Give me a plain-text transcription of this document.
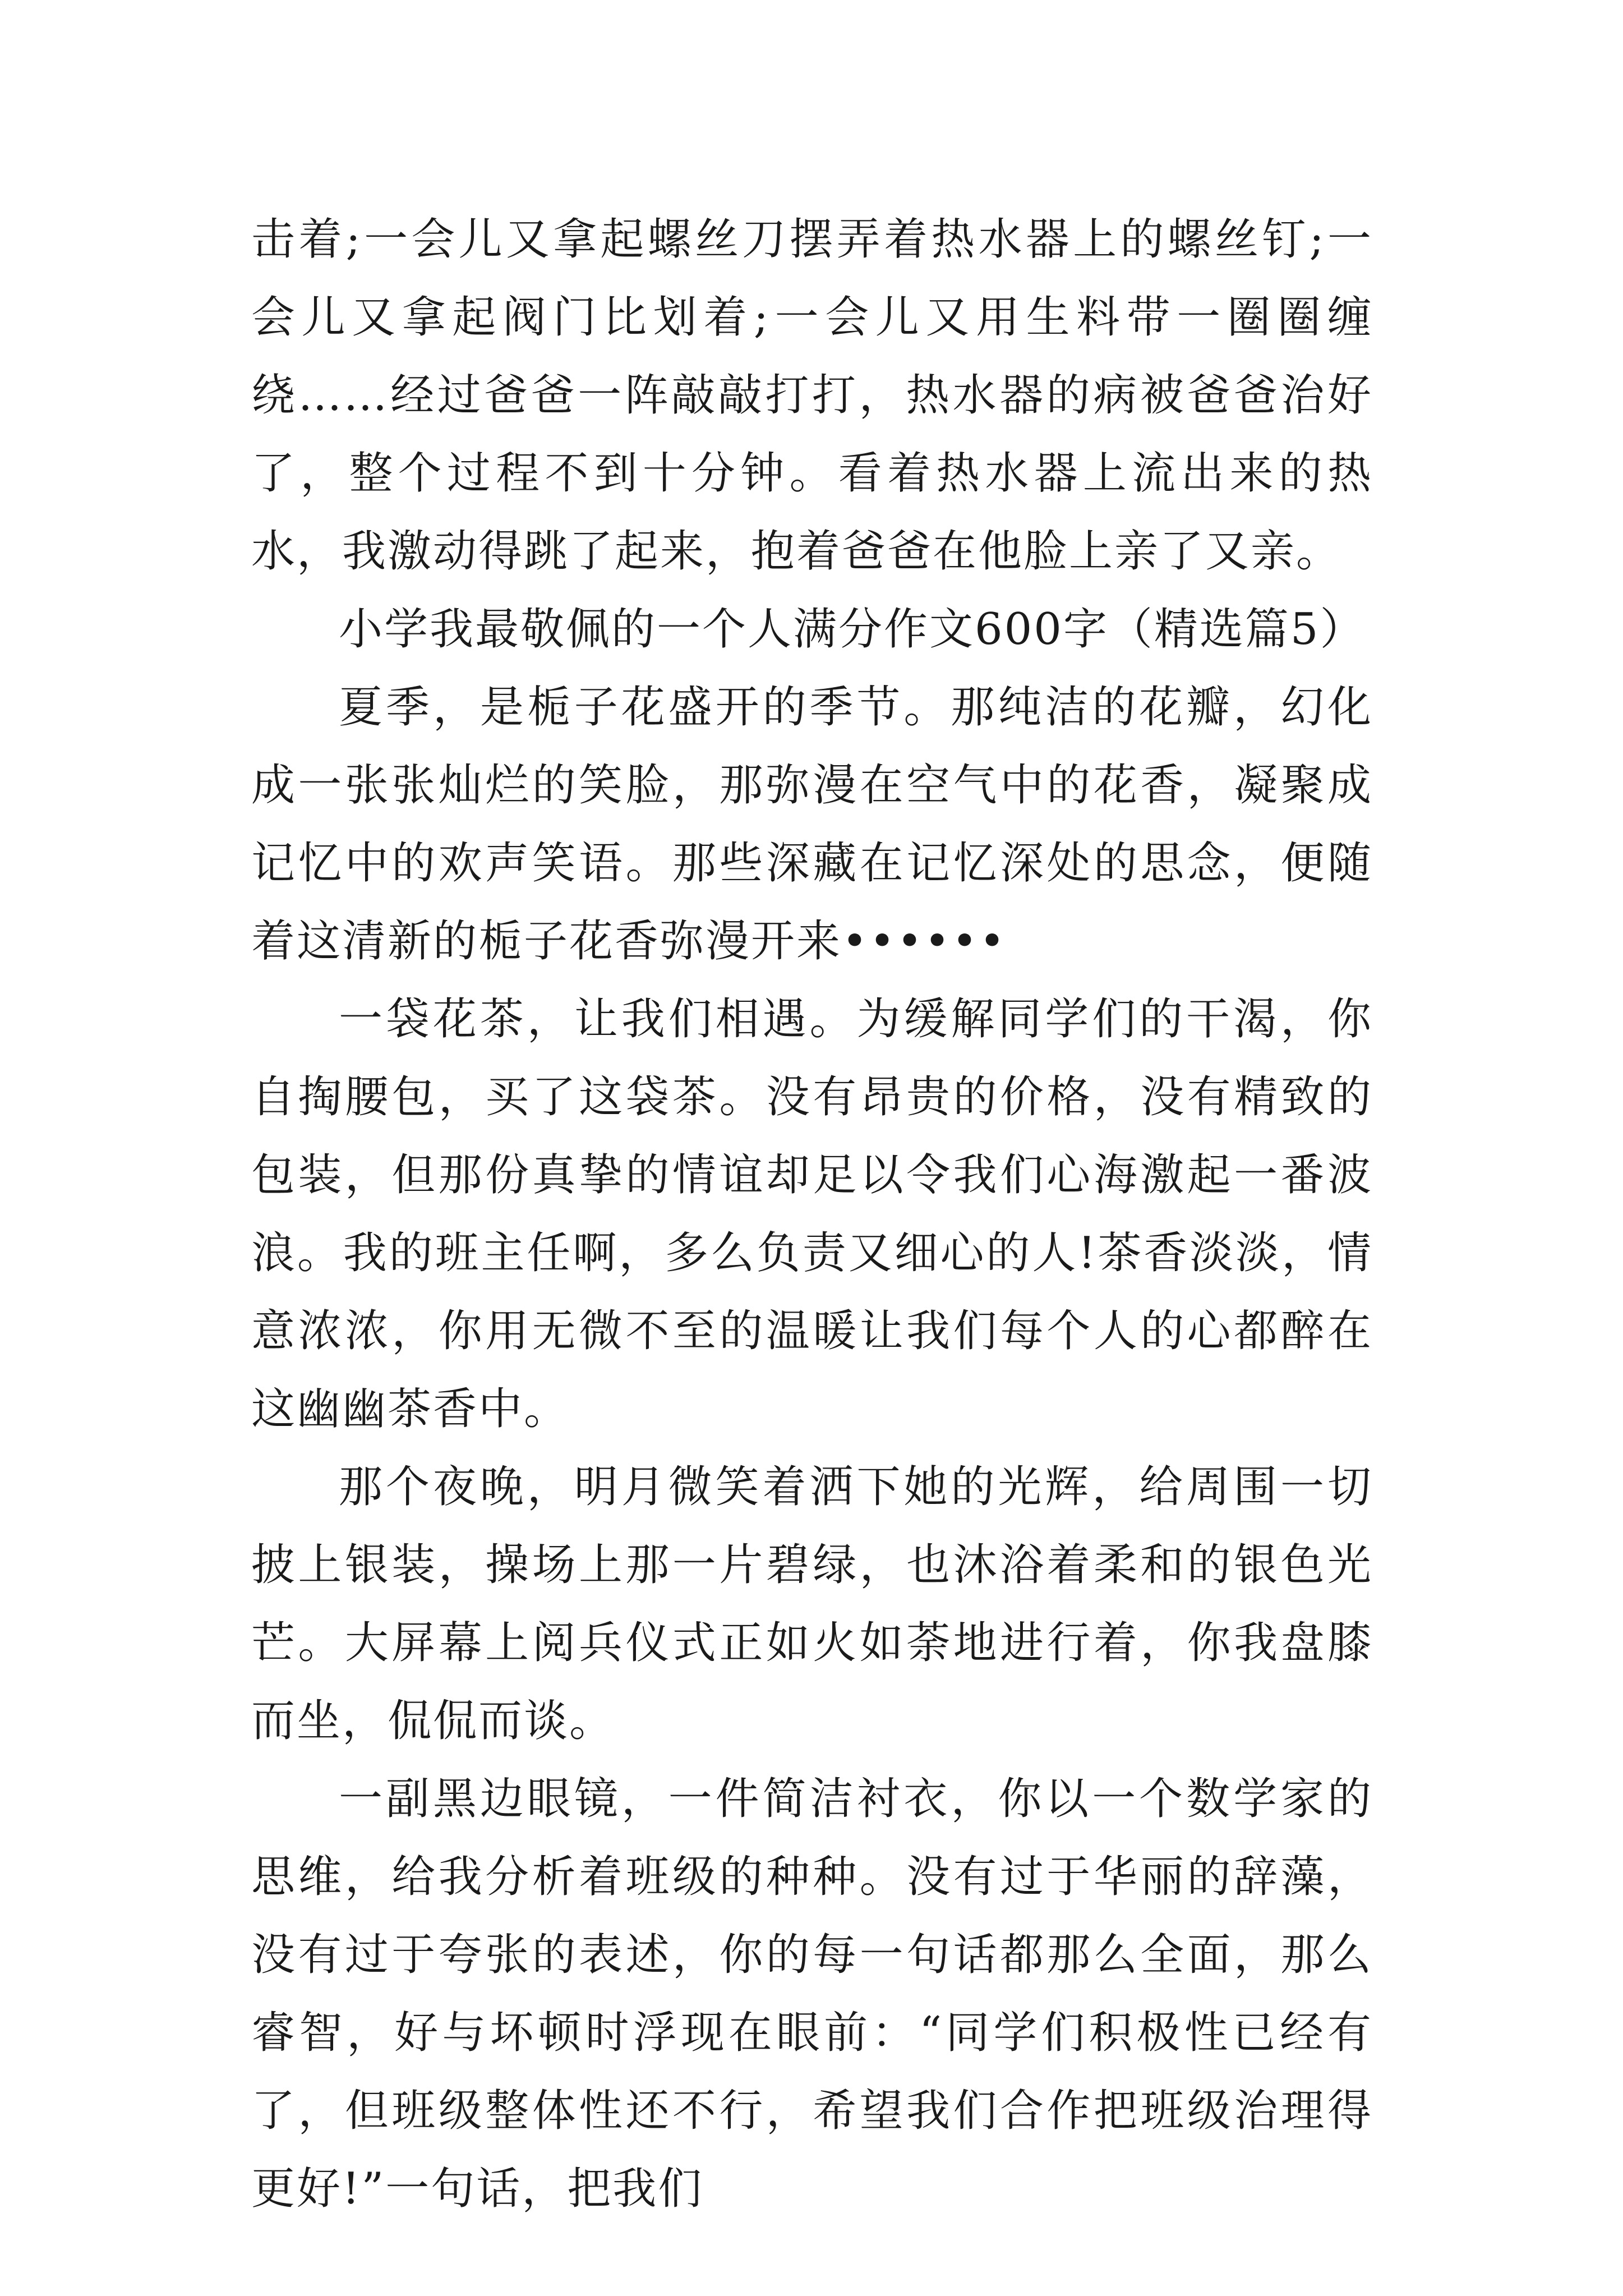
击着;一会儿又拿起螺丝刀摆弄着热水器上的螺丝钉;一会儿又拿起阀门比划着;一会儿又用生料带一圈圈缠绕……经过爸爸一阵敲敲打打，热水器的病被爸爸治好了，整个过程不到十分钟。看着热水器上流出来的热水，我激动得跳了起来，抱着爸爸在他脸上亲了又亲。

小学我最敬佩的一个人满分作文600字（精选篇5）

夏季，是栀子花盛开的季节。那纯洁的花瓣，幻化成一张张灿烂的笑脸，那弥漫在空气中的花香，凝聚成记忆中的欢声笑语。那些深藏在记忆深处的思念，便随着这清新的栀子花香弥漫开来••••••

一袋花茶，让我们相遇。为缓解同学们的干渴，你自掏腰包，买了这袋茶。没有昂贵的价格，没有精致的包装，但那份真挚的情谊却足以令我们心海激起一番波浪。我的班主任啊，多么负责又细心的人!茶香淡淡，情意浓浓，你用无微不至的温暖让我们每个人的心都醉在这幽幽茶香中。

那个夜晚，明月微笑着洒下她的光辉，给周围一切披上银装，操场上那一片碧绿，也沐浴着柔和的银色光芒。大屏幕上阅兵仪式正如火如荼地进行着，你我盘膝而坐，侃侃而谈。

一副黑边眼镜，一件简洁衬衣，你以一个数学家的思维，给我分析着班级的种种。没有过于华丽的辞藻，没有过于夸张的表述，你的每一句话都那么全面，那么睿智，好与坏顿时浮现在眼前：“同学们积极性已经有了，但班级整体性还不行，希望我们合作把班级治理得更好!”一句话，把我们
